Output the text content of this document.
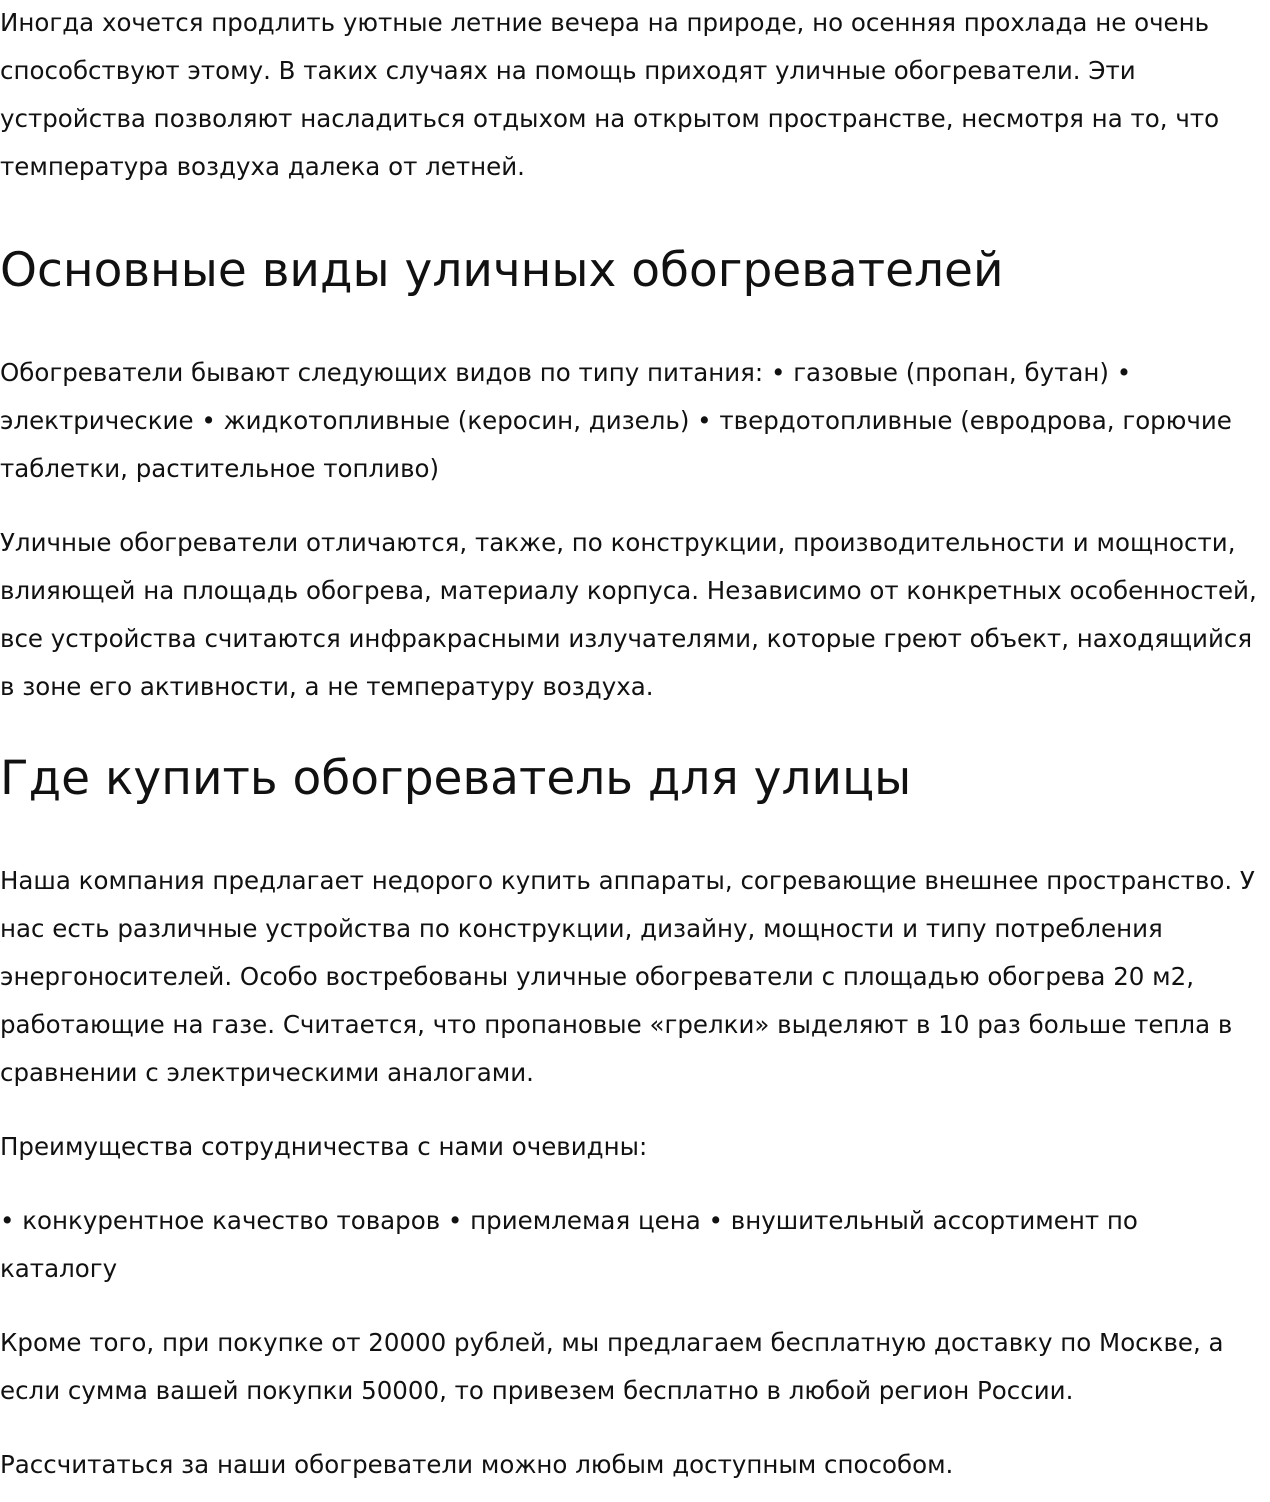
Иногда хочется продлить уютные летние вечера на природе, но осенняя прохлада не очень способствуют этому. В таких случаях на помощь приходят уличные обогреватели. Эти устройства позволяют насладиться отдыхом на открытом пространстве, несмотря на то, что температура воздуха далека от летней.

Основные виды уличных обогревателей

Обогреватели бывают следующих видов по типу питания: • газовые (пропан, бутан) • электрические • жидкотопливные (керосин, дизель) • твердотопливные (евродрова, горючие таблетки, растительное топливо)

Уличные обогреватели отличаются, также, по конструкции, производительности и мощности, влияющей на площадь обогрева, материалу корпуса. Независимо от конкретных особенностей, все устройства считаются инфракрасными излучателями, которые греют объект, находящийся в зоне его активности, а не температуру воздуха.

Где купить обогреватель для улицы

Наша компания предлагает недорого купить аппараты, согревающие внешнее пространство. У нас есть различные устройства по конструкции, дизайну, мощности и типу потребления энергоносителей. Особо востребованы уличные обогреватели с площадью обогрева 20 м2, работающие на газе. Считается, что пропановые «грелки» выделяют в 10 раз больше тепла в сравнении с электрическими аналогами.

Преимущества сотрудничества с нами очевидны:

• конкурентное качество товаров • приемлемая цена • внушительный ассортимент по каталогу

Кроме того, при покупке от 20000 рублей, мы предлагаем бесплатную доставку по Москве, а если сумма вашей покупки 50000, то привезем бесплатно в любой регион России.

Рассчитаться за наши обогреватели можно любым доступным способом.
